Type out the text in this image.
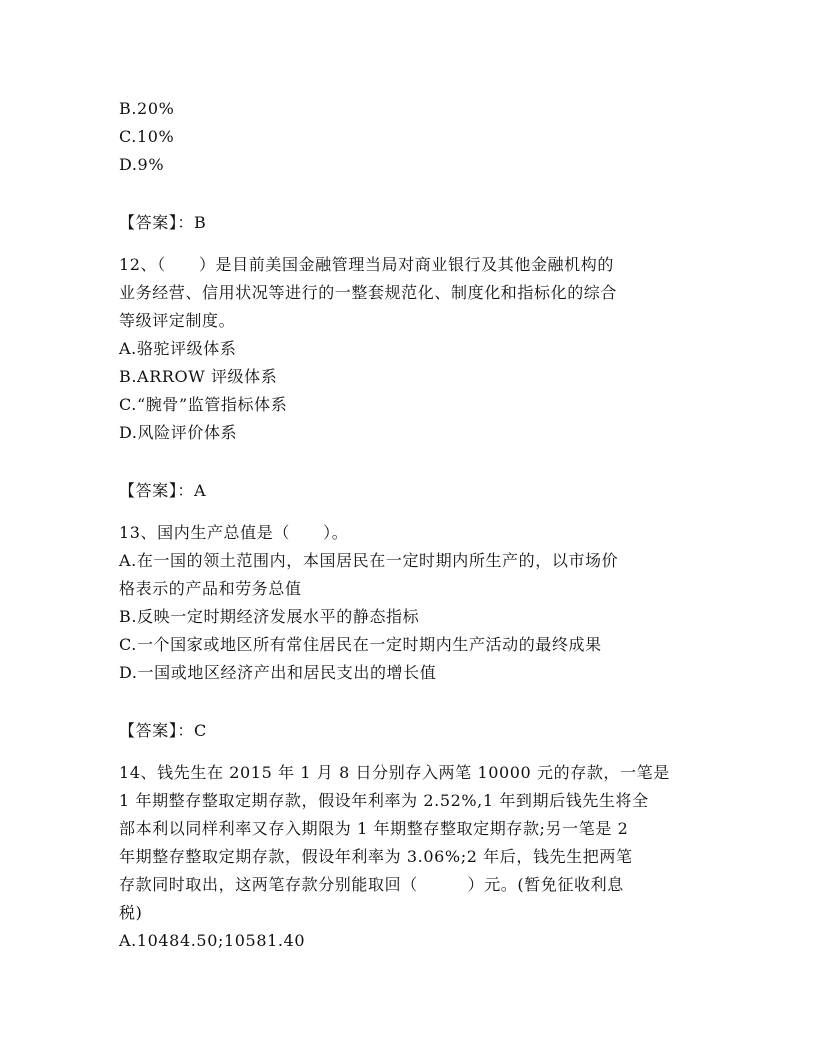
B.20%
C.10%
D.9%
【答案】：B
12、（　　）是目前美国金融管理当局对商业银行及其他金融机构的
业务经营、信用状况等进行的一整套规范化、制度化和指标化的综合
等级评定制度。
A.骆驼评级体系
B.ARROW 评级体系
C.“腕骨”监管指标体系
D.风险评价体系
【答案】：A
13、国内生产总值是（　　）。
A.在一国的领土范围内，本国居民在一定时期内所生产的，以市场价
格表示的产品和劳务总值
B.反映一定时期经济发展水平的静态指标
C.一个国家或地区所有常住居民在一定时期内生产活动的最终成果
D.一国或地区经济产出和居民支出的增长值
【答案】：C
14、钱先生在 2015 年 1 月 8 日分别存入两笔 10000 元的存款，一笔是
1 年期整存整取定期存款，假设年利率为 2.52%,1 年到期后钱先生将全
部本利以同样利率又存入期限为 1 年期整存整取定期存款;另一笔是 2
年期整存整取定期存款，假设年利率为 3.06%;2 年后，钱先生把两笔
存款同时取出，这两笔存款分别能取回（　　　）元。(暂免征收利息
税)
A.10484.50;10581.40
